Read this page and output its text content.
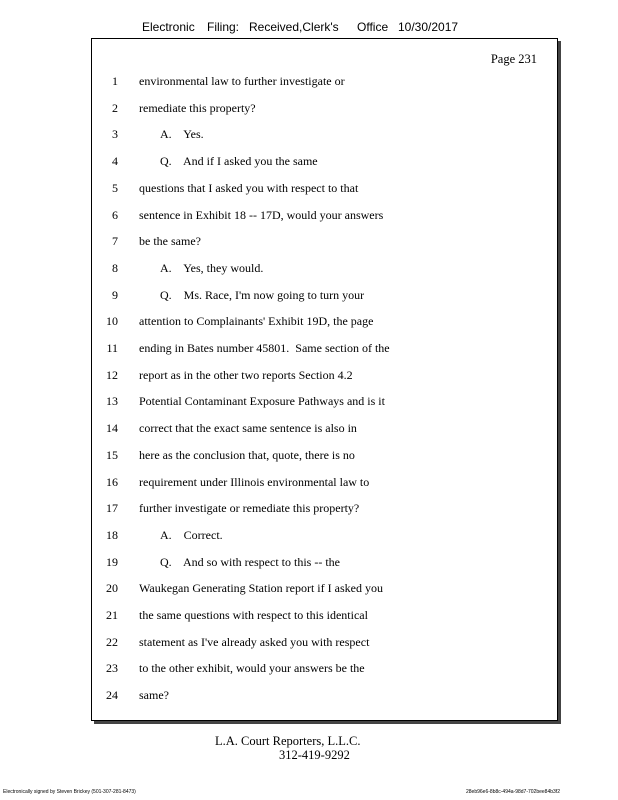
Electronic Filing: Received,Clerk's Office 10/30/2017
Page 231
1 environmental law to further investigate or
2 remediate this property?
3	A.    Yes.
4	Q.    And if I asked you the same
5 questions that I asked you with respect to that
6 sentence in Exhibit 18 -- 17D, would your answers
7 be the same?
8	A.    Yes, they would.
9	Q.    Ms. Race, I'm now going to turn your
10 attention to Complainants' Exhibit 19D, the page
11 ending in Bates number 45801.  Same section of the
12 report as in the other two reports Section 4.2
13 Potential Contaminant Exposure Pathways and is it
14 correct that the exact same sentence is also in
15 here as the conclusion that, quote, there is no
16 requirement under Illinois environmental law to
17 further investigate or remediate this property?
18	A.    Correct.
19	Q.    And so with respect to this -- the
20 Waukegan Generating Station report if I asked you
21 the same questions with respect to this identical
22 statement as I've already asked you with respect
23 to the other exhibit, would your answers be the
24 same?
L.A. Court Reporters, L.L.C.
312-419-9292
Electronically signed by Steven Brickey (501-307-281-8473)	28eb96e6-8b8c-494a-98d7-702bee84b3f2
